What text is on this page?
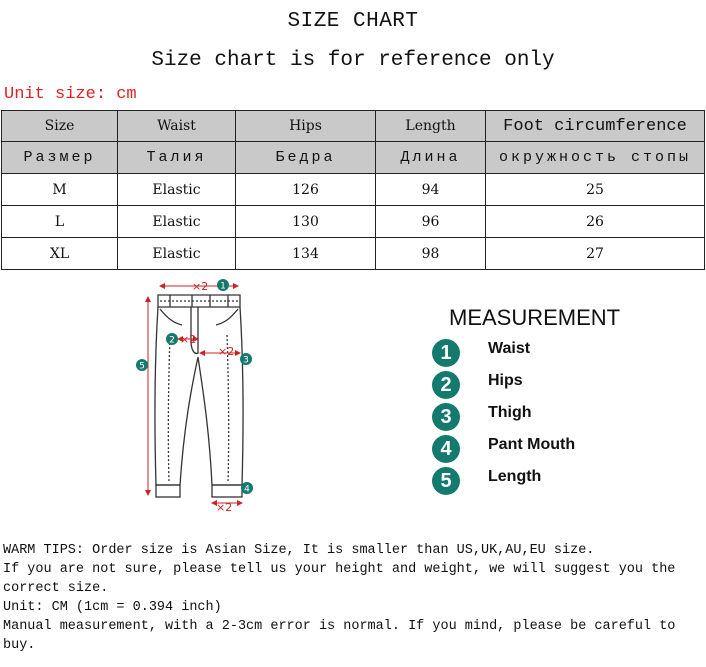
SIZE CHART
Size chart is for reference only
Unit size: cm
Size	Waist	Hips	Length	Foot circumference
Размер	Талия	Бедра	Длина	окружность стопы
M	Elastic	126	94	25
L	Elastic	130	96	26
XL	Elastic	134	98	27
×2
×2
×2
×2
1
2
3
4
5
MEASUREMENT
1	Waist
2	Hips
3	Thigh
4	Pant Mouth
5	Length
WARM TIPS: Order size is Asian Size, It is smaller than US,UK,AU,EU size.
If you are not sure, please tell us your height and weight, we will suggest you the correct size.
Unit: CM (1cm = 0.394 inch)
Manual measurement, with a 2-3cm error is normal. If you mind, please be careful to buy.
